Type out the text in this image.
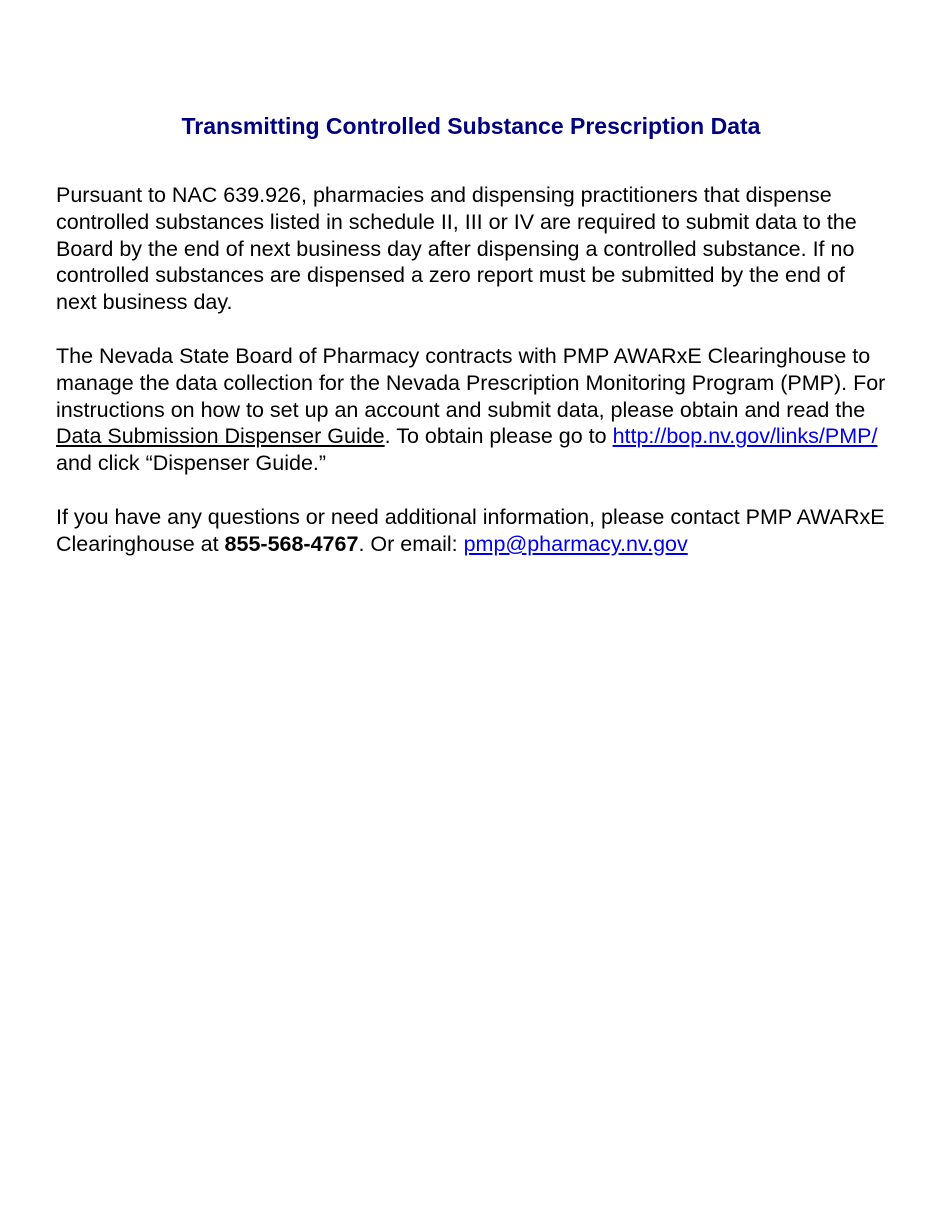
Transmitting Controlled Substance Prescription Data

Pursuant to NAC 639.926, pharmacies and dispensing practitioners that dispense controlled substances listed in schedule II, III or IV are required to submit data to the Board by the end of next business day after dispensing a controlled substance. If no controlled substances are dispensed a zero report must be submitted by the end of next business day.

The Nevada State Board of Pharmacy contracts with PMP AWARxE Clearinghouse to manage the data collection for the Nevada Prescription Monitoring Program (PMP). For instructions on how to set up an account and submit data, please obtain and read the Data Submission Dispenser Guide. To obtain please go to http://bop.nv.gov/links/PMP/ and click “Dispenser Guide.”

If you have any questions or need additional information, please contact PMP AWARxE Clearinghouse at 855-568-4767. Or email: pmp@pharmacy.nv.gov
